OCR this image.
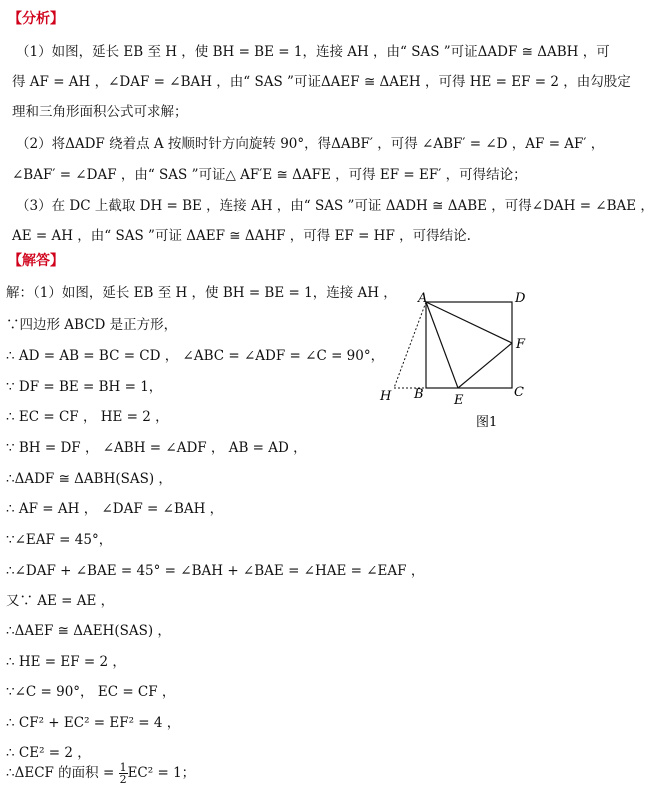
【分析】
（1）如图，延长 EB 至 H ，使 BH = BE = 1，连接 AH ，由“ SAS ”可证ΔADF ≅ ΔABH ，可
得 AF = AH ，∠DAF = ∠BAH ，由“ SAS ”可证ΔAEF ≅ ΔAEH ，可得 HE = EF = 2 ，由勾股定
理和三角形面积公式可求解；
（2）将ΔADF 绕着点 A 按顺时针方向旋转 90°，得ΔABF′ ，可得 ∠ABF′ = ∠D ，AF = AF′ ，
∠BAF′ = ∠DAF ，由“ SAS ”可证△ AF′E ≅ ΔAFE ，可得 EF = EF′ ，可得结论；
（3）在 DC 上截取 DH = BE ，连接 AH ，由“ SAS ”可证 ΔADH ≅ ΔABE ，可得∠DAH = ∠BAE ，
AE = AH ，由“ SAS ”可证 ΔAEF ≅ ΔAHF ，可得 EF = HF ，可得结论.
【解答】
解：（1）如图，延长 EB 至 H ，使 BH = BE = 1，连接 AH ，
∵四边形 ABCD 是正方形，
∴ AD = AB = BC = CD ， ∠ABC = ∠ADF = ∠C = 90°，
∵ DF = BE = BH = 1，
∴ EC = CF ， HE = 2 ，
∵ BH = DF ， ∠ABH = ∠ADF ， AB = AD ，
∴ΔADF ≅ ΔABH(SAS) ，
∴ AF = AH ， ∠DAF = ∠BAH ，
∵∠EAF = 45°，
∴∠DAF + ∠BAE = 45° = ∠BAH + ∠BAE = ∠HAE = ∠EAF ，
又∵ AE = AE ，
∴ΔAEF ≅ ΔAEH(SAS) ，
∴ HE = EF = 2 ，
∵∠C = 90°， EC = CF ，
∴ CF² + EC² = EF² = 4 ，
∴ CE² = 2 ，
∴ΔECF 的面积 = $\frac{1}{2} EC^2 = 1$；
A	D
F
B
H	E
C
图1
